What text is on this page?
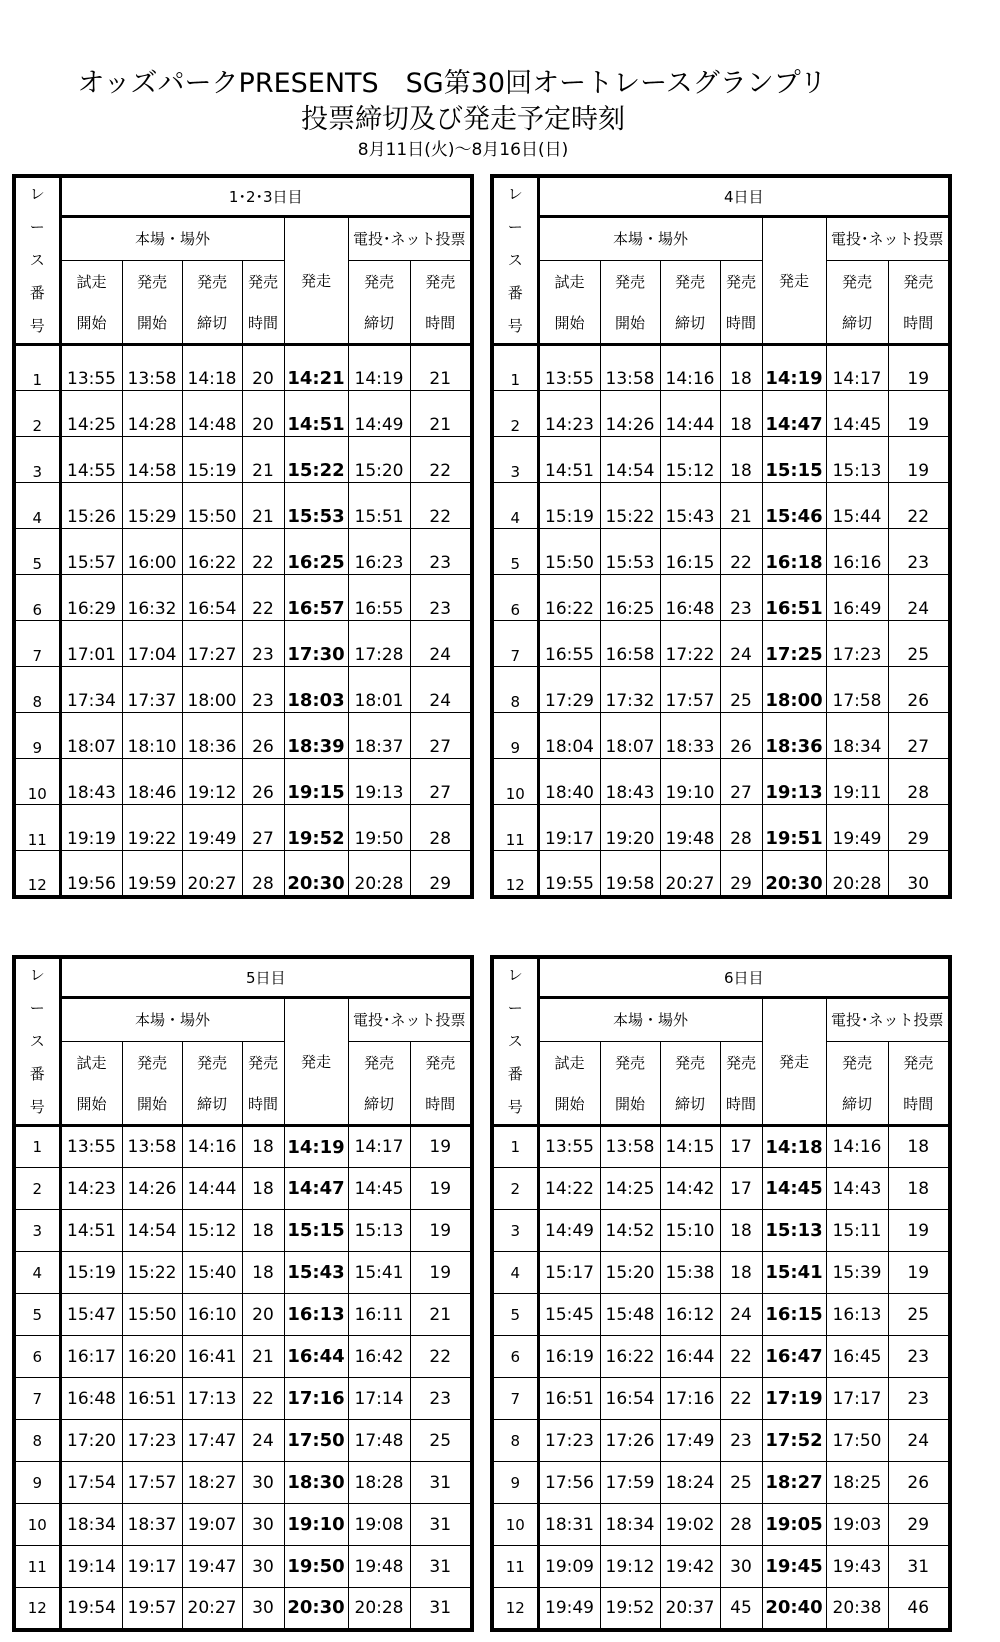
オッズパークPRESENTS　SG第30回オートレースグランプリ
投票締切及び発走予定時刻
8月11日(火)～8月16日(日)
レ
ー
ス
番
号	1･2･3日目						
	本場・場外				発走	電投･ネット投票	
	試走	発売	発売	発売		発売	発売
	開始	開始	締切	時間		締切	時間
1	13:55	13:58	14:18	20	14:21	14:19	21
2	14:25	14:28	14:48	20	14:51	14:49	21
3	14:55	14:58	15:19	21	15:22	15:20	22
4	15:26	15:29	15:50	21	15:53	15:51	22
5	15:57	16:00	16:22	22	16:25	16:23	23
6	16:29	16:32	16:54	22	16:57	16:55	23
7	17:01	17:04	17:27	23	17:30	17:28	24
8	17:34	17:37	18:00	23	18:03	18:01	24
9	18:07	18:10	18:36	26	18:39	18:37	27
10	18:43	18:46	19:12	26	19:15	19:13	27
11	19:19	19:22	19:49	27	19:52	19:50	28
12	19:56	19:59	20:27	28	20:30	20:28	29
レ
ー
ス
番
号	4日目						
	本場・場外				発走	電投･ネット投票	
	試走	発売	発売	発売		発売	発売
	開始	開始	締切	時間		締切	時間
1	13:55	13:58	14:16	18	14:19	14:17	19
2	14:23	14:26	14:44	18	14:47	14:45	19
3	14:51	14:54	15:12	18	15:15	15:13	19
4	15:19	15:22	15:43	21	15:46	15:44	22
5	15:50	15:53	16:15	22	16:18	16:16	23
6	16:22	16:25	16:48	23	16:51	16:49	24
7	16:55	16:58	17:22	24	17:25	17:23	25
8	17:29	17:32	17:57	25	18:00	17:58	26
9	18:04	18:07	18:33	26	18:36	18:34	27
10	18:40	18:43	19:10	27	19:13	19:11	28
11	19:17	19:20	19:48	28	19:51	19:49	29
12	19:55	19:58	20:27	29	20:30	20:28	30
レ
ー
ス
番
号	5日目						
	本場・場外				発走	電投･ネット投票	
	試走	発売	発売	発売		発売	発売
	開始	開始	締切	時間		締切	時間
1	13:55	13:58	14:16	18	14:19	14:17	19
2	14:23	14:26	14:44	18	14:47	14:45	19
3	14:51	14:54	15:12	18	15:15	15:13	19
4	15:19	15:22	15:40	18	15:43	15:41	19
5	15:47	15:50	16:10	20	16:13	16:11	21
6	16:17	16:20	16:41	21	16:44	16:42	22
7	16:48	16:51	17:13	22	17:16	17:14	23
8	17:20	17:23	17:47	24	17:50	17:48	25
9	17:54	17:57	18:27	30	18:30	18:28	31
10	18:34	18:37	19:07	30	19:10	19:08	31
11	19:14	19:17	19:47	30	19:50	19:48	31
12	19:54	19:57	20:27	30	20:30	20:28	31
レ
ー
ス
番
号	6日目						
	本場・場外				発走	電投･ネット投票	
	試走	発売	発売	発売		発売	発売
	開始	開始	締切	時間		締切	時間
1	13:55	13:58	14:15	17	14:18	14:16	18
2	14:22	14:25	14:42	17	14:45	14:43	18
3	14:49	14:52	15:10	18	15:13	15:11	19
4	15:17	15:20	15:38	18	15:41	15:39	19
5	15:45	15:48	16:12	24	16:15	16:13	25
6	16:19	16:22	16:44	22	16:47	16:45	23
7	16:51	16:54	17:16	22	17:19	17:17	23
8	17:23	17:26	17:49	23	17:52	17:50	24
9	17:56	17:59	18:24	25	18:27	18:25	26
10	18:31	18:34	19:02	28	19:05	19:03	29
11	19:09	19:12	19:42	30	19:45	19:43	31
12	19:49	19:52	20:37	45	20:40	20:38	46
